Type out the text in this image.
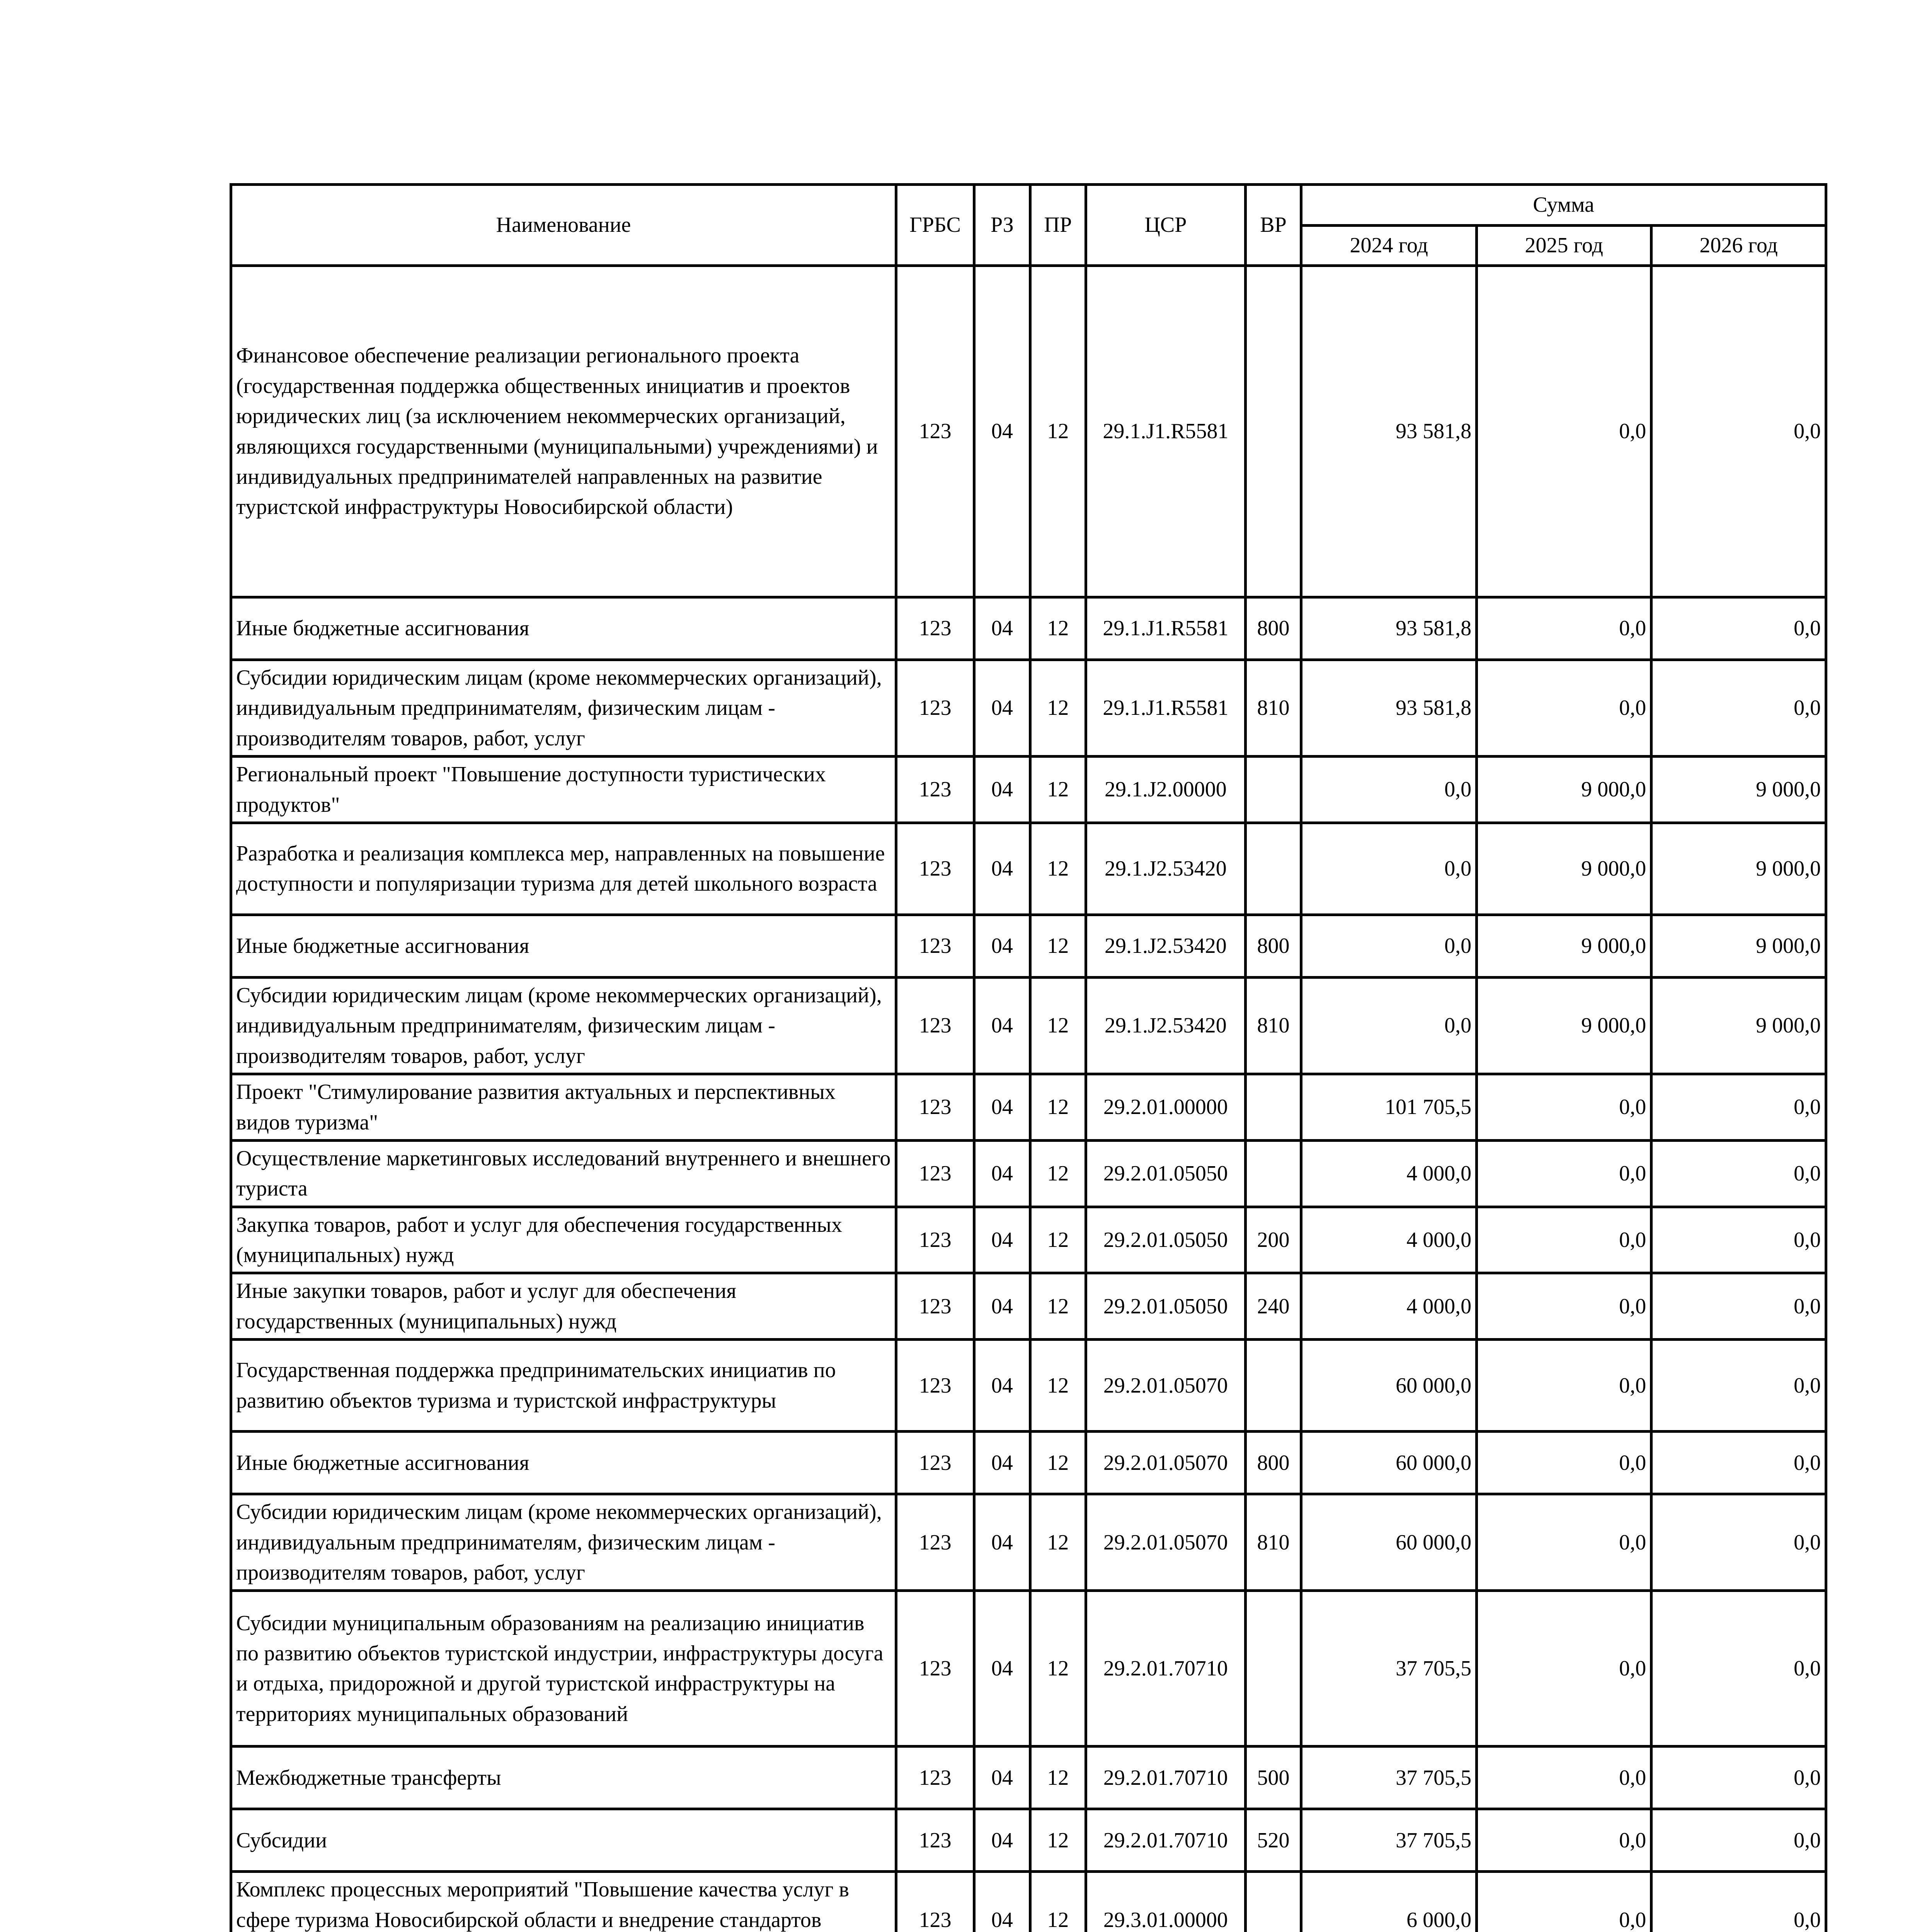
Наименование	ГРБС	РЗ	ПР	ЦСР	ВР	Сумма		
						2024 год	2025 год	2026 год
Финансовое обеспечение реализации регионального проекта (государственная поддержка общественных инициатив и проектов юридических лиц (за исключением некоммерческих организаций, являющихся государственными (муниципальными) учреждениями) и индивидуальных предпринимателей направленных на развитие туристской инфраструктуры Новосибирской области)	123	04	12	29.1.J1.R5581		93 581,8	0,0	0,0
Иные бюджетные ассигнования	123	04	12	29.1.J1.R5581	800	93 581,8	0,0	0,0
Субсидии юридическим лицам (кроме некоммерческих организаций), индивидуальным предпринимателям, физическим лицам - производителям товаров, работ, услуг	123	04	12	29.1.J1.R5581	810	93 581,8	0,0	0,0
Региональный проект "Повышение доступности туристических продуктов"	123	04	12	29.1.J2.00000		0,0	9 000,0	9 000,0
Разработка и реализация комплекса мер, направленных на повышение доступности и популяризации туризма для детей школьного возраста	123	04	12	29.1.J2.53420		0,0	9 000,0	9 000,0
Иные бюджетные ассигнования	123	04	12	29.1.J2.53420	800	0,0	9 000,0	9 000,0
Субсидии юридическим лицам (кроме некоммерческих организаций), индивидуальным предпринимателям, физическим лицам - производителям товаров, работ, услуг	123	04	12	29.1.J2.53420	810	0,0	9 000,0	9 000,0
Проект "Стимулирование развития актуальных и перспективных видов туризма"	123	04	12	29.2.01.00000		101 705,5	0,0	0,0
Осуществление маркетинговых исследований внутреннего и внешнего туриста	123	04	12	29.2.01.05050		4 000,0	0,0	0,0
Закупка товаров, работ и услуг для обеспечения государственных (муниципальных) нужд	123	04	12	29.2.01.05050	200	4 000,0	0,0	0,0
Иные закупки товаров, работ и услуг для обеспечения государственных (муниципальных) нужд	123	04	12	29.2.01.05050	240	4 000,0	0,0	0,0
Государственная поддержка предпринимательских инициатив по развитию объектов туризма и туристской инфраструктуры	123	04	12	29.2.01.05070		60 000,0	0,0	0,0
Иные бюджетные ассигнования	123	04	12	29.2.01.05070	800	60 000,0	0,0	0,0
Субсидии юридическим лицам (кроме некоммерческих организаций), индивидуальным предпринимателям, физическим лицам - производителям товаров, работ, услуг	123	04	12	29.2.01.05070	810	60 000,0	0,0	0,0
Субсидии муниципальным образованиям на реализацию инициатив по развитию объектов туристской индустрии, инфраструктуры досуга и отдыха, придорожной и другой туристской инфраструктуры на территориях муниципальных образований	123	04	12	29.2.01.70710		37 705,5	0,0	0,0
Межбюджетные трансферты	123	04	12	29.2.01.70710	500	37 705,5	0,0	0,0
Субсидии	123	04	12	29.2.01.70710	520	37 705,5	0,0	0,0
Комплекс процессных мероприятий "Повышение качества услуг в сфере туризма Новосибирской области и внедрение стандартов	123	04	12	29.3.01.00000		6 000,0	0,0	0,0
